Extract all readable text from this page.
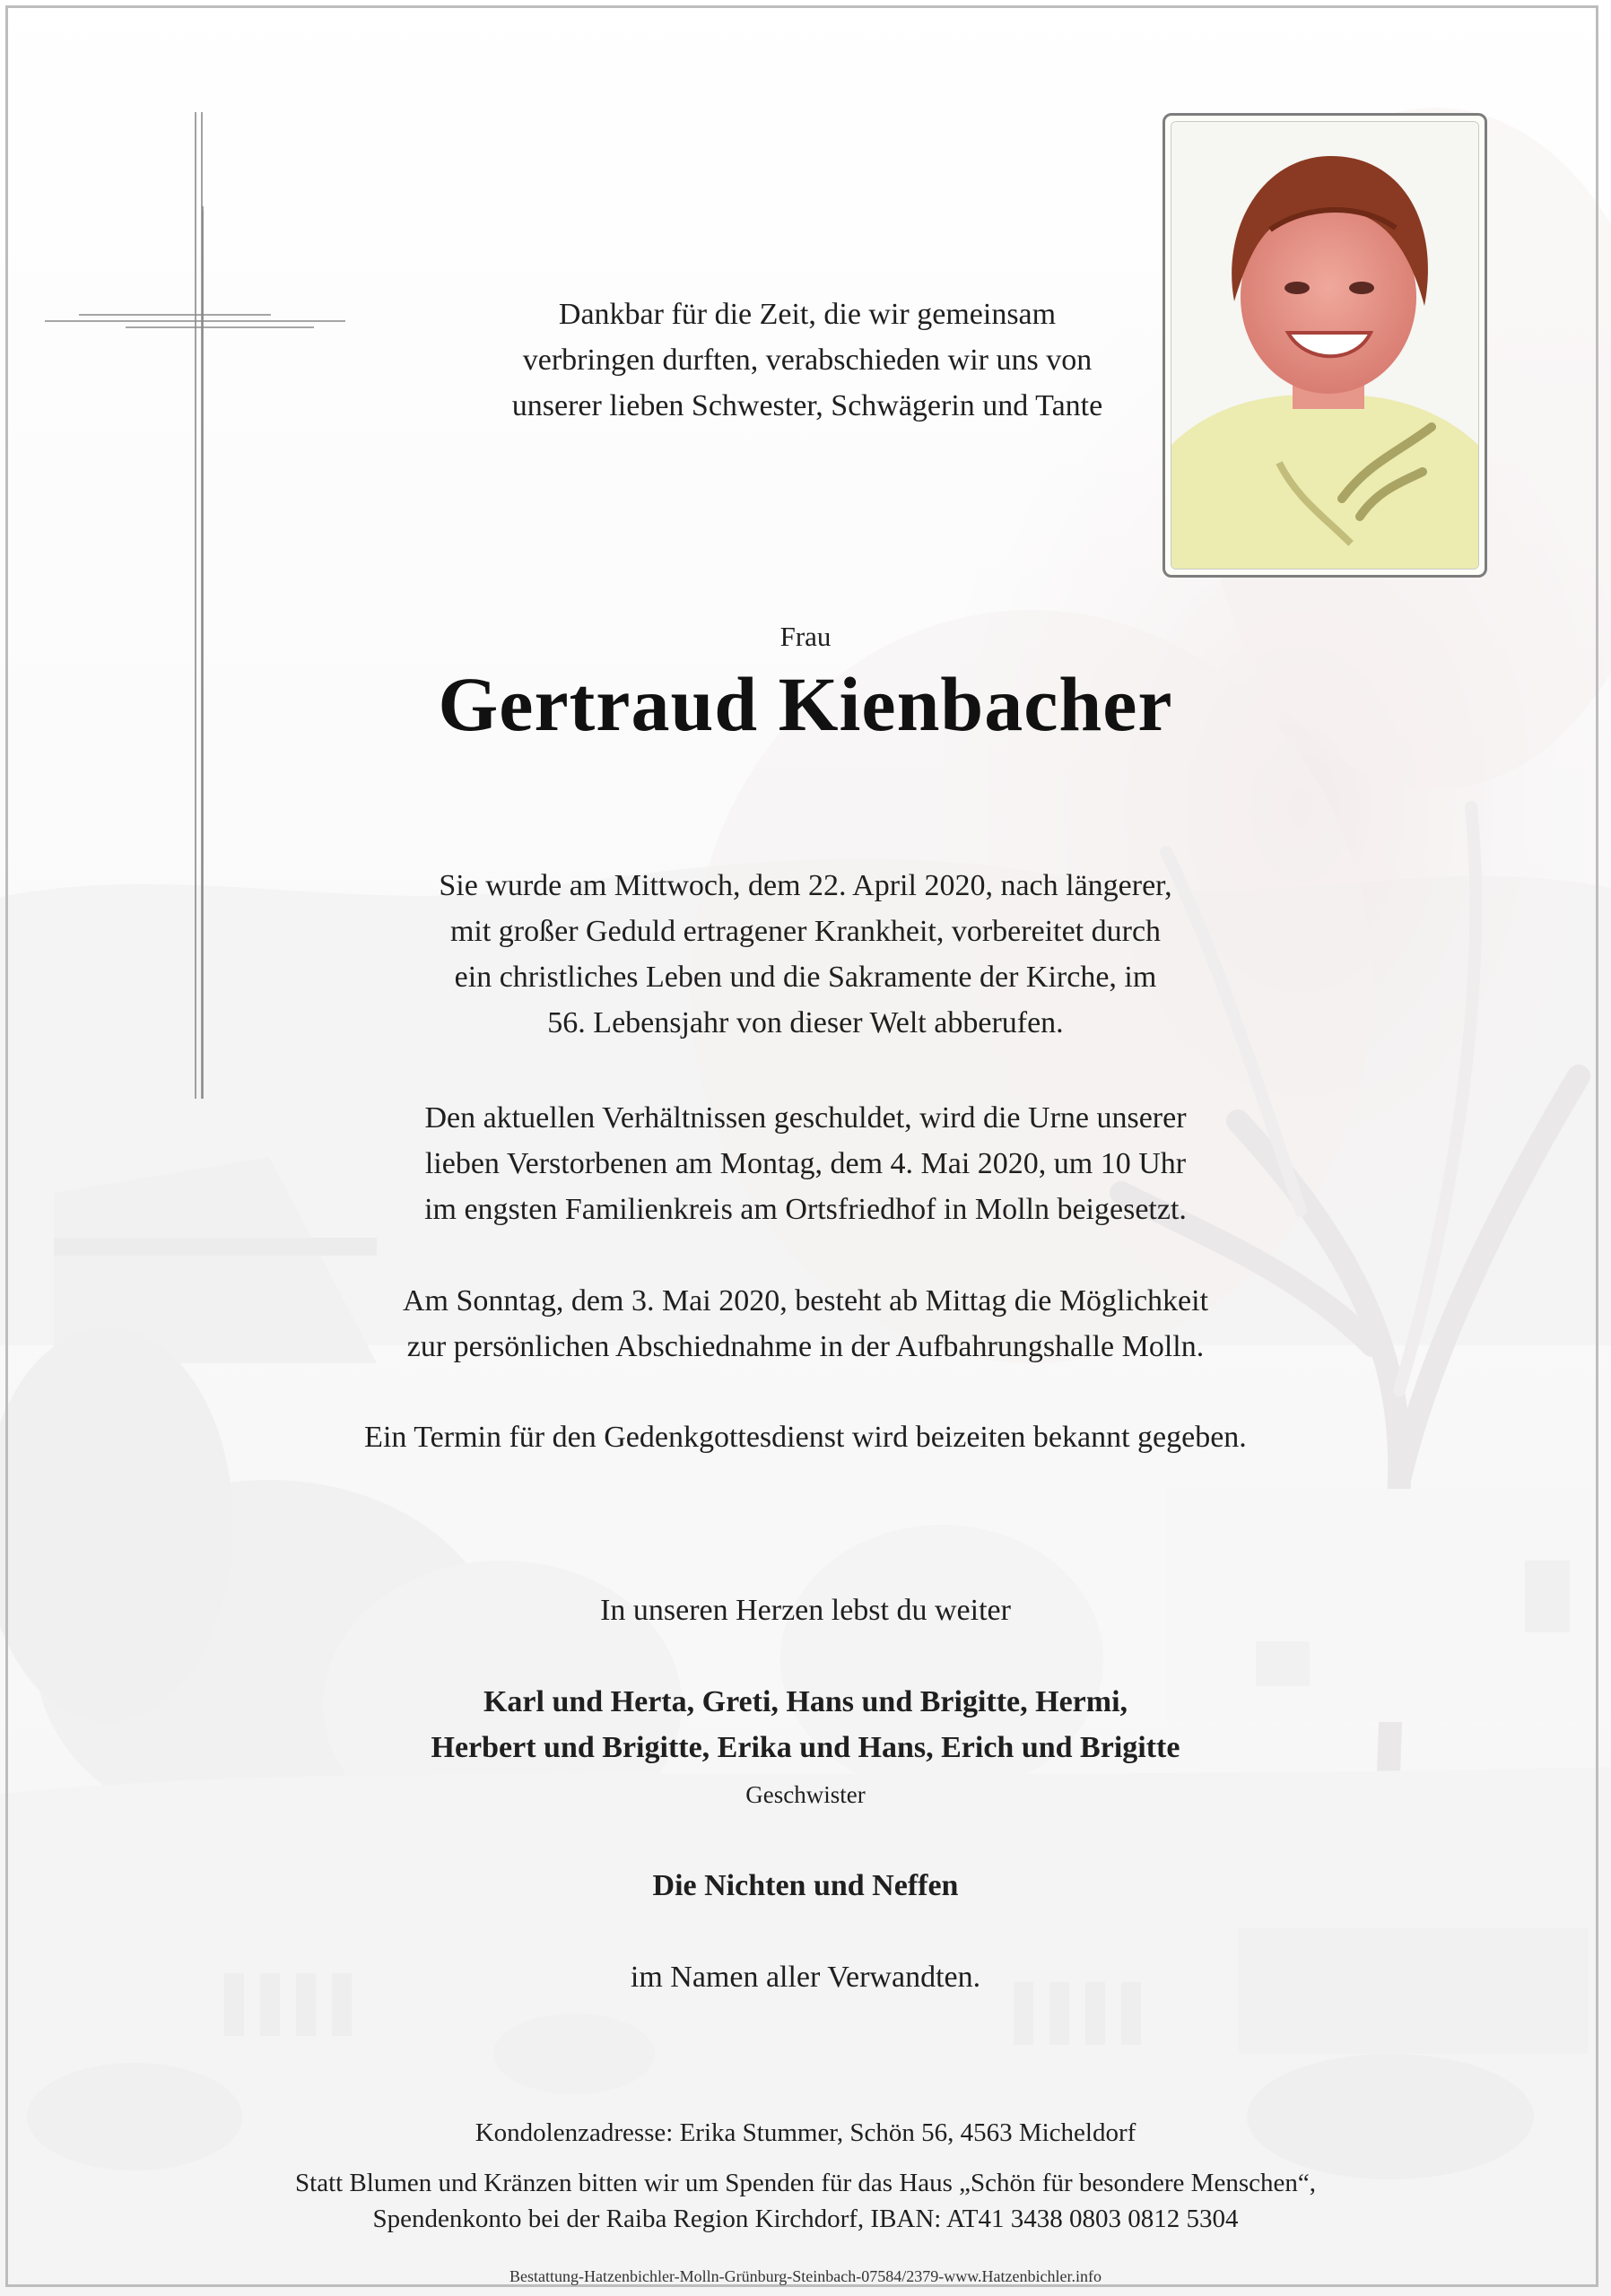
Dankbar für die Zeit, die wir gemeinsam
verbringen durften, verabschieden wir uns von
unserer lieben Schwester, Schwägerin und Tante
Frau
Gertraud Kienbacher
Sie wurde am Mittwoch, dem 22. April 2020, nach längerer,
mit großer Geduld ertragener Krankheit, vorbereitet durch
ein christliches Leben und die Sakramente der Kirche, im
56. Lebensjahr von dieser Welt abberufen.
Den aktuellen Verhältnissen geschuldet, wird die Urne unserer
lieben Verstorbenen am Montag, dem 4. Mai 2020, um 10 Uhr
im engsten Familienkreis am Ortsfriedhof in Molln beigesetzt.
Am Sonntag, dem 3. Mai 2020, besteht ab Mittag die Möglichkeit
zur persönlichen Abschiednahme in der Aufbahrungshalle Molln.
Ein Termin für den Gedenkgottesdienst wird beizeiten bekannt gegeben.
In unseren Herzen lebst du weiter
Karl und Herta, Greti, Hans und Brigitte, Hermi,
Herbert und Brigitte, Erika und Hans, Erich und Brigitte
Geschwister
Die Nichten und Neffen
im Namen aller Verwandten.
Kondolenzadresse: Erika Stummer, Schön 56, 4563 Micheldorf
Statt Blumen und Kränzen bitten wir um Spenden für das Haus „Schön für besondere Menschen“,
Spendenkonto bei der Raiba Region Kirchdorf, IBAN: AT41 3438 0803 0812 5304
Bestattung-Hatzenbichler-Molln-Grünburg-Steinbach-07584/2379-www.Hatzenbichler.info
